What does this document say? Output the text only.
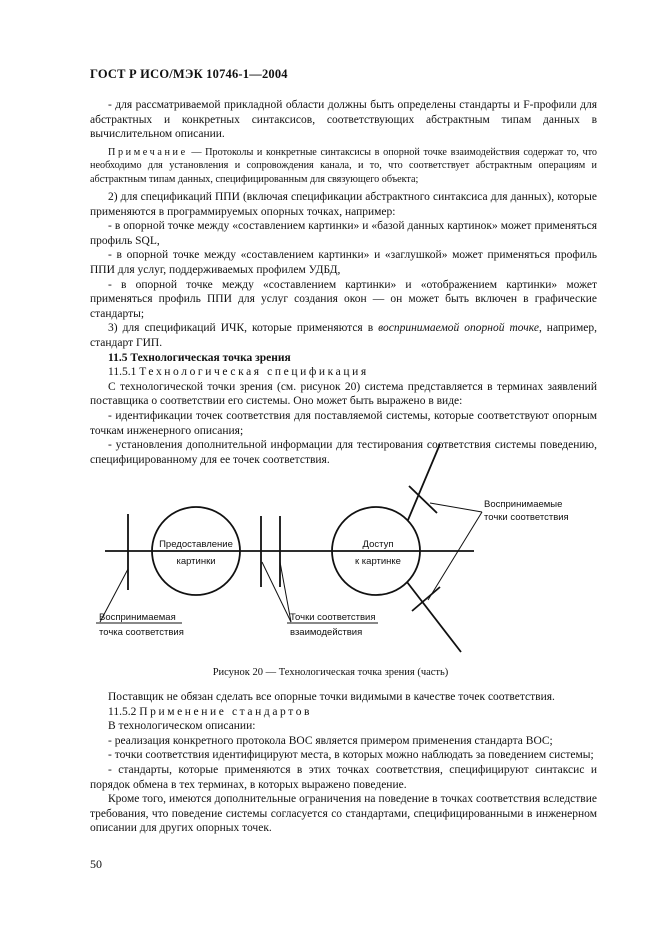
ГОСТ Р ИСО/МЭК 10746-1—2004

- для рассматриваемой прикладной области должны быть определены стандарты и F-профили для абстрактных и конкретных синтаксисов, соответствующих абстрактным типам данных в вычислительном описании.

Примечание — Протоколы и конкретные синтаксисы в опорной точке взаимодействия содержат то, что необходимо для установления и сопровождения канала, и то, что соответствует абстрактным операциям и абстрактным типам данных, специфицированным для связующего объекта;

2) для спецификаций ППИ (включая спецификации абстрактного синтаксиса для данных), которые применяются в программируемых опорных точках, например:

- в опорной точке между «составлением картинки» и «базой данных картинок» может применяться профиль SQL,

- в опорной точке между «составлением картинки» и «заглушкой» может применяться профиль ППИ для услуг, поддерживаемых профилем УДБД,

- в опорной точке между «составлением картинки» и «отображением картинки» может применяться профиль ППИ для услуг создания окон — он может быть включен в графические стандарты;

3) для спецификаций ИЧК, которые применяются в воспринимаемой опорной точке, например, стандарт ГИП.

11.5 Технологическая точка зрения

11.5.1 Технологическая спецификация

С технологической точки зрения (см. рисунок 20) система представляется в терминах заявлений поставщика о соответствии его системы. Оно может быть выражено в виде:

- идентификации точек соответствия для поставляемой системы, которые соответствуют опорным точкам инженерного описания;

- установления дополнительной информации для тестирования соответствия системы поведению, специфицированному для ее точек соответствия.

Предоставление
картинки
Доступ
к картинке
Воспринимаемые
точки соответствия
Воспринимаемая
точка соответствия
Точки соответствия
взаимодействия
Рисунок 20 — Технологическая точка зрения (часть)

Поставщик не обязан сделать все опорные точки видимыми в качестве точек соответствия.

11.5.2 Применение стандартов

В технологическом описании:

- реализация конкретного протокола ВОС является примером применения стандарта ВОС;

- точки соответствия идентифицируют места, в которых можно наблюдать за поведением системы;

- стандарты, которые применяются в этих точках соответствия, специфицируют синтаксис и порядок обмена в тех терминах, в которых выражено поведение.

Кроме того, имеются дополнительные ограничения на поведение в точках соответствия вследствие требования, что поведение системы согласуется со стандартами, специфицированными в инженерном описании для других опорных точек.

50
